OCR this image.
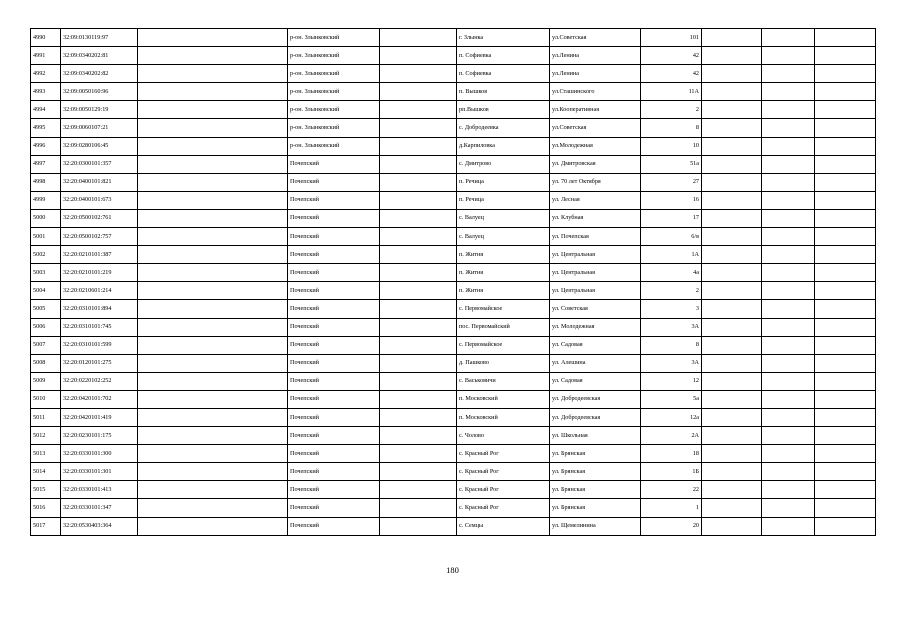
4990	32:09:0130119:97		р-он. Злынковский		г. Злынка	ул.Советская	101			
4991	32:09:0340202:81		р-он. Злынковский		п. Софиевка	ул.Ленина	42			
4992	32:09:0340202:82		р-он. Злынковский		п. Софиевка	ул.Ленина	42			
4993	32:09:0050160:96		р-он. Злынковский		п. Вышков	ул.Сташинского	11А			
4994	32:09:0050129:19		р-он. Злынковский		рп.Вышков	ул.Кооперативная	2			
4995	32:09:0060107:21		р-он. Злынковский		с. Добродеевка	ул.Советская	8			
4996	32:09:0280106:45		р-он. Злынковский		д.Карпиловка	ул.Молодежная	10			
4997	32:20:0300101:357		Почепский		с. Дмитрово	ул. Дмитровская	51а			
4998	32:20:0400101:821		Почепский		п. Речица	ул. 70 лет Октября	27			
4999	32:20:0400101:673		Почепский		п. Речица	ул. Лесная	16			
5000	32:20:0500102:761		Почепский		с. Валуец	ул. Клубная	17			
5001	32:20:0500102:757		Почепский		с. Валуец	ул. Почепская	6/в			
5002	32:20:0210101:387		Почепский		п. Житня	ул. Центральная	1А			
5003	32:20:0210101:219		Почепский		п. Житня	ул. Центральная	4а			
5004	32:20:0210601:214		Почепский		п. Житня	ул. Центральная	2			
5005	32:20:0310101:894		Почепский		с. Первомайское	ул. Советская	3			
5006	32:20:0310101:745		Почепский		пос. Первомайский	ул. Молодежная	3А			
5007	32:20:0310101:599		Почепский		с. Первомайское	ул. Садовая	8			
5008	32:20:0120101:275		Почепский		д. Пашково	ул. Алешина	3А			
5009	32:20:0220102:252		Почепский		с. Васьковичи	ул. Садовая	12			
5010	32:20:0420101:702		Почепский		п. Московский	ул. Добродеевская	5а			
5011	32:20:0420101:419		Почепский		п. Московский	ул. Добродеевская	12а			
5012	32:20:0230101:175		Почепский		с. Чолово	ул. Школьная	2А			
5013	32:20:0330101:300		Почепский		с. Красный Рог	ул. Брянская	18			
5014	32:20:0330101:301		Почепский		с. Красный Рог	ул. Брянская	1Б			
5015	32:20:0330101:413		Почепский		с. Красный Рог	ул. Брянская	22			
5016	32:20:0330101:347		Почепский		с. Красный Рог	ул. Брянская	1			
5017	32:20:0530403:364		Почепский		с. Семцы	ул. Щемелинина	20			
180
